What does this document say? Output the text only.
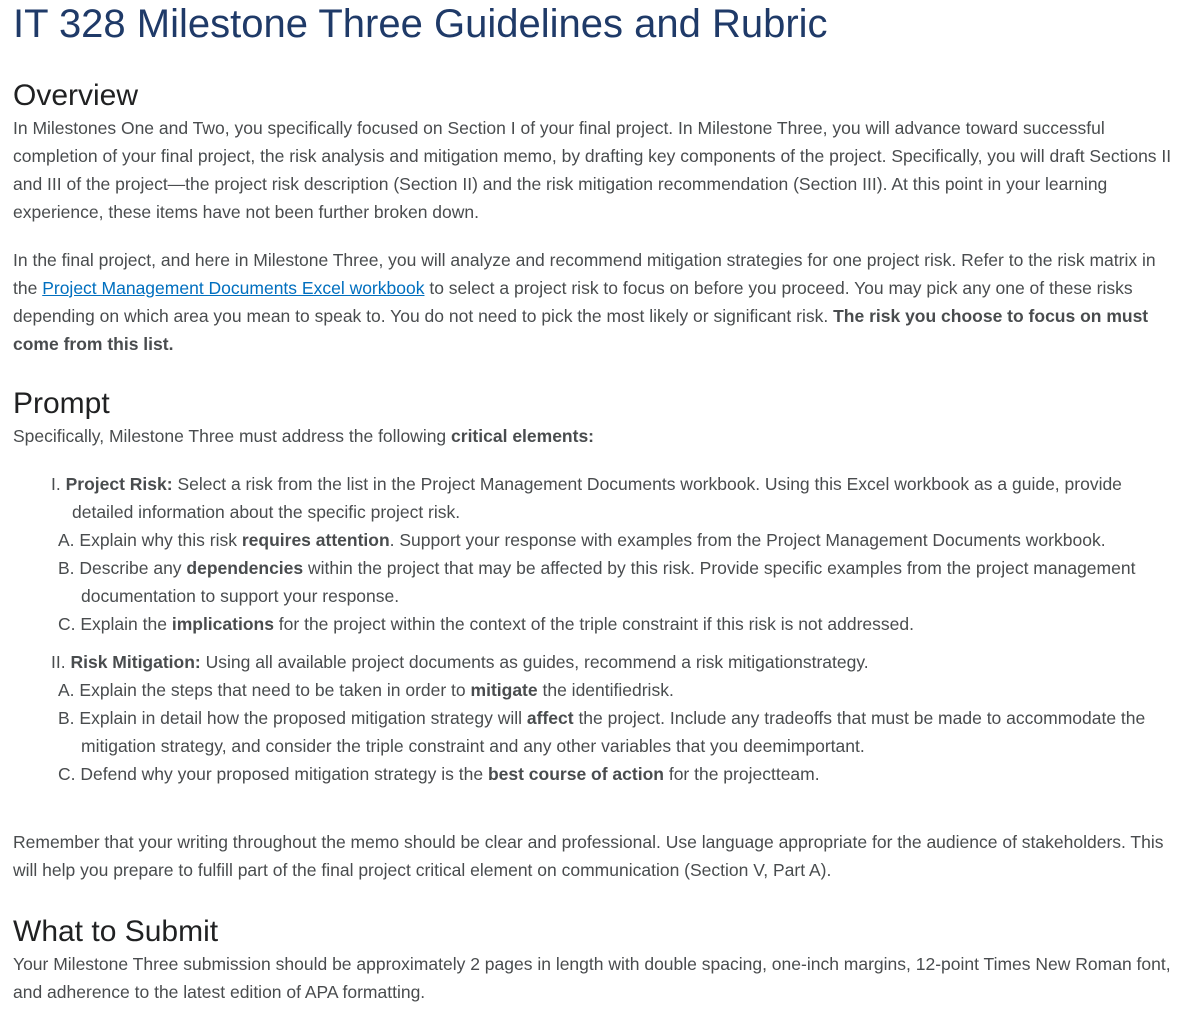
IT 328 Milestone Three Guidelines and Rubric
Overview

In Milestones One and Two, you specifically focused on Section I of your final project. In Milestone Three, you will advance toward successful completion of your final project, the risk analysis and mitigation memo, by drafting key components of the project. Specifically, you will draft Sections II and III of the project—the project risk description (Section II) and the risk mitigation recommendation (Section III). At this point in your learning experience, these items have not been further broken down.

In the final project, and here in Milestone Three, you will analyze and recommend mitigation strategies for one project risk. Refer to the risk matrix in the Project Management Documents Excel workbook to select a project risk to focus on before you proceed. You may pick any one of these risks depending on which area you mean to speak to. You do not need to pick the most likely or significant risk. The risk you choose to focus on must come from this list.

Prompt

Specifically, Milestone Three must address the following critical elements:

I. Project Risk: Select a risk from the list in the Project Management Documents workbook. Using this Excel workbook as a guide, provide detailed information about the specific project risk.

A. Explain why this risk requires attention. Support your response with examples from the Project Management Documents workbook.

B. Describe any dependencies within the project that may be affected by this risk. Provide specific examples from the project management documentation to support your response.

C. Explain the implications for the project within the context of the triple constraint if this risk is not addressed.

II. Risk Mitigation: Using all available project documents as guides, recommend a risk mitigationstrategy.

A. Explain the steps that need to be taken in order to mitigate the identifiedrisk.

B. Explain in detail how the proposed mitigation strategy will affect the project. Include any tradeoffs that must be made to accommodate the mitigation strategy, and consider the triple constraint and any other variables that you deemimportant.

C. Defend why your proposed mitigation strategy is the best course of action for the projectteam.

Remember that your writing throughout the memo should be clear and professional. Use language appropriate for the audience of stakeholders. This will help you prepare to fulfill part of the final project critical element on communication (Section V, Part A).

What to Submit

Your Milestone Three submission should be approximately 2 pages in length with double spacing, one-inch margins, 12-point Times New Roman font, and adherence to the latest edition of APA formatting.
